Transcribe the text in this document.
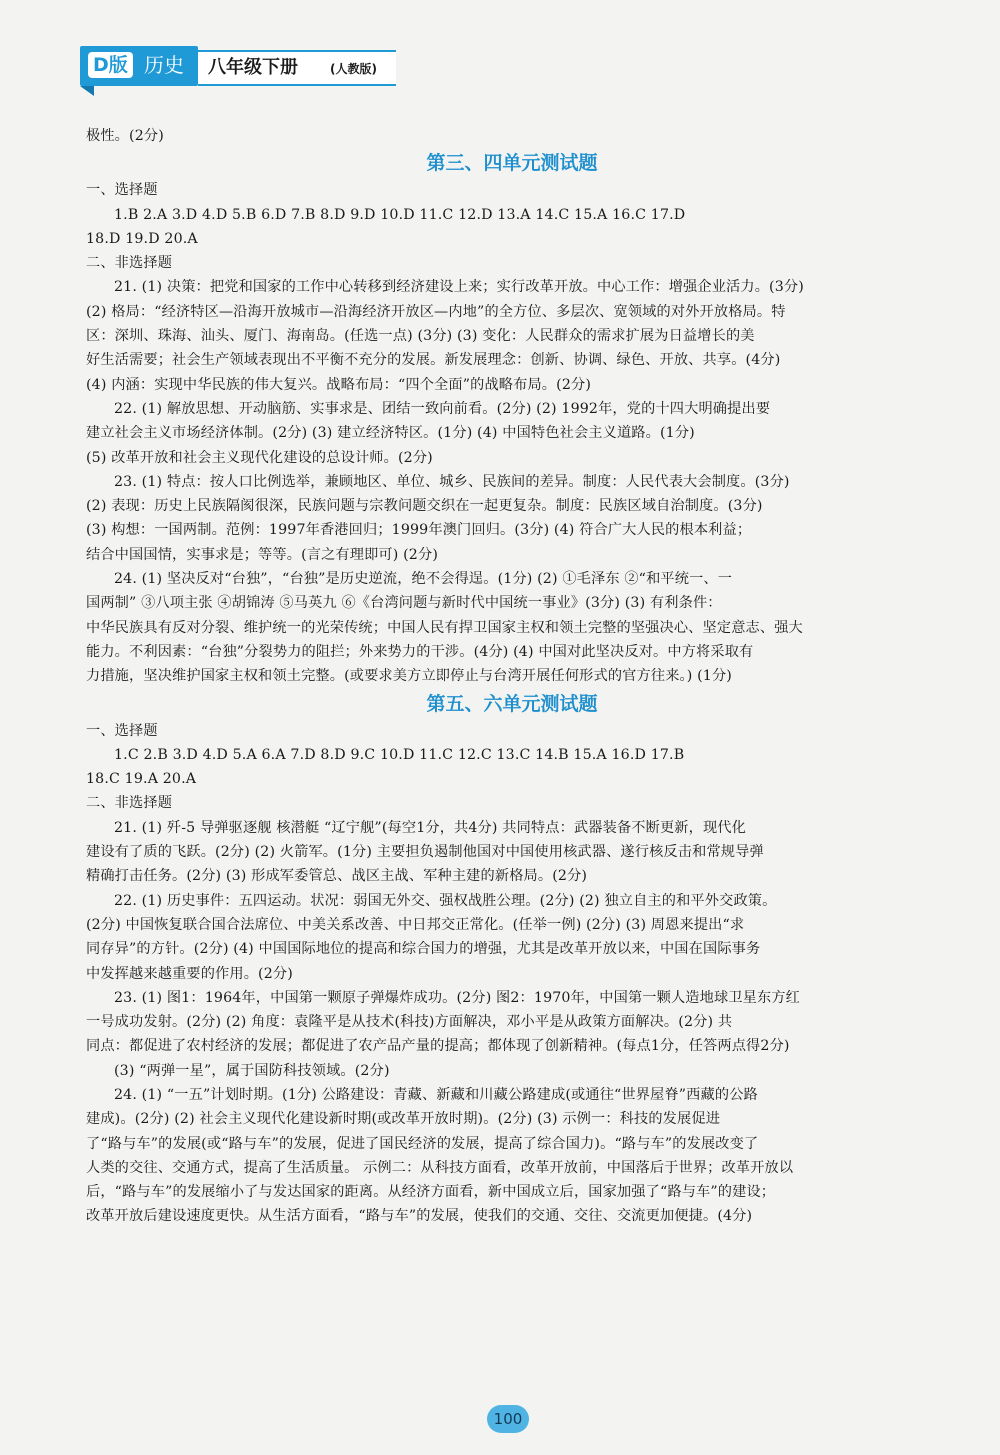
D版 历史 八年级下册	(人教版)
极性。(2分)
第三、四单元测试题
一、选择题
1.B 2.A 3.D 4.D 5.B 6.D 7.B 8.D 9.D 10.D 11.C 12.D 13.A 14.C 15.A 16.C 17.D
18.D 19.D 20.A
二、非选择题
21. (1) 决策：把党和国家的工作中心转移到经济建设上来；实行改革开放。中心工作：增强企业活力。(3分)
(2) 格局：“经济特区—沿海开放城市—沿海经济开放区—内地”的全方位、多层次、宽领域的对外开放格局。特
区：深圳、珠海、汕头、厦门、海南岛。(任选一点) (3分) (3) 变化：人民群众的需求扩展为日益增长的美
好生活需要；社会生产领域表现出不平衡不充分的发展。新发展理念：创新、协调、绿色、开放、共享。(4分)
(4) 内涵：实现中华民族的伟大复兴。战略布局：“四个全面”的战略布局。(2分)
22. (1) 解放思想、开动脑筋、实事求是、团结一致向前看。(2分) (2) 1992年，党的十四大明确提出要
建立社会主义市场经济体制。(2分) (3) 建立经济特区。(1分) (4) 中国特色社会主义道路。(1分)
(5) 改革开放和社会主义现代化建设的总设计师。(2分)
23. (1) 特点：按人口比例选举，兼顾地区、单位、城乡、民族间的差异。制度：人民代表大会制度。(3分)
(2) 表现：历史上民族隔阂很深，民族问题与宗教问题交织在一起更复杂。制度：民族区域自治制度。(3分)
(3) 构想：一国两制。范例：1997年香港回归；1999年澳门回归。(3分) (4) 符合广大人民的根本利益；
结合中国国情，实事求是；等等。(言之有理即可) (2分)
24. (1) 坚决反对“台独”，“台独”是历史逆流，绝不会得逞。(1分) (2) ①毛泽东 ②“和平统一、一
国两制” ③八项主张 ④胡锦涛 ⑤马英九 ⑥《台湾问题与新时代中国统一事业》(3分) (3) 有利条件：
中华民族具有反对分裂、维护统一的光荣传统；中国人民有捍卫国家主权和领土完整的坚强决心、坚定意志、强大
能力。不利因素：“台独”分裂势力的阻拦；外来势力的干涉。(4分) (4) 中国对此坚决反对。中方将采取有
力措施，坚决维护国家主权和领土完整。(或要求美方立即停止与台湾开展任何形式的官方往来。) (1分)
第五、六单元测试题
一、选择题
1.C 2.B 3.D 4.D 5.A 6.A 7.D 8.D 9.C 10.D 11.C 12.C 13.C 14.B 15.A 16.D 17.B
18.C 19.A 20.A
二、非选择题
21. (1) 歼-5 导弹驱逐舰 核潜艇 “辽宁舰”(每空1分，共4分) 共同特点：武器装备不断更新，现代化
建设有了质的飞跃。(2分) (2) 火箭军。(1分) 主要担负遏制他国对中国使用核武器、遂行核反击和常规导弹
精确打击任务。(2分) (3) 形成军委管总、战区主战、军种主建的新格局。(2分)
22. (1) 历史事件：五四运动。状况：弱国无外交、强权战胜公理。(2分) (2) 独立自主的和平外交政策。
(2分) 中国恢复联合国合法席位、中美关系改善、中日邦交正常化。(任举一例) (2分) (3) 周恩来提出“求
同存异”的方针。(2分) (4) 中国国际地位的提高和综合国力的增强，尤其是改革开放以来，中国在国际事务
中发挥越来越重要的作用。(2分)
23. (1) 图1：1964年，中国第一颗原子弹爆炸成功。(2分) 图2：1970年，中国第一颗人造地球卫星东方红
一号成功发射。(2分) (2) 角度：袁隆平是从技术(科技)方面解决，邓小平是从政策方面解决。(2分) 共
同点：都促进了农村经济的发展；都促进了农产品产量的提高；都体现了创新精神。(每点1分，任答两点得2分)
(3) “两弹一星”，属于国防科技领域。(2分)
24. (1) “一五”计划时期。(1分) 公路建设：青藏、新藏和川藏公路建成(或通往“世界屋脊”西藏的公路
建成)。(2分) (2) 社会主义现代化建设新时期(或改革开放时期)。(2分) (3) 示例一：科技的发展促进
了“路与车”的发展(或“路与车”的发展，促进了国民经济的发展，提高了综合国力)。“路与车”的发展改变了
人类的交往、交通方式，提高了生活质量。 示例二：从科技方面看，改革开放前，中国落后于世界；改革开放以
后，“路与车”的发展缩小了与发达国家的距离。从经济方面看，新中国成立后，国家加强了“路与车”的建设；
改革开放后建设速度更快。从生活方面看，“路与车”的发展，使我们的交通、交往、交流更加便捷。(4分)
100
